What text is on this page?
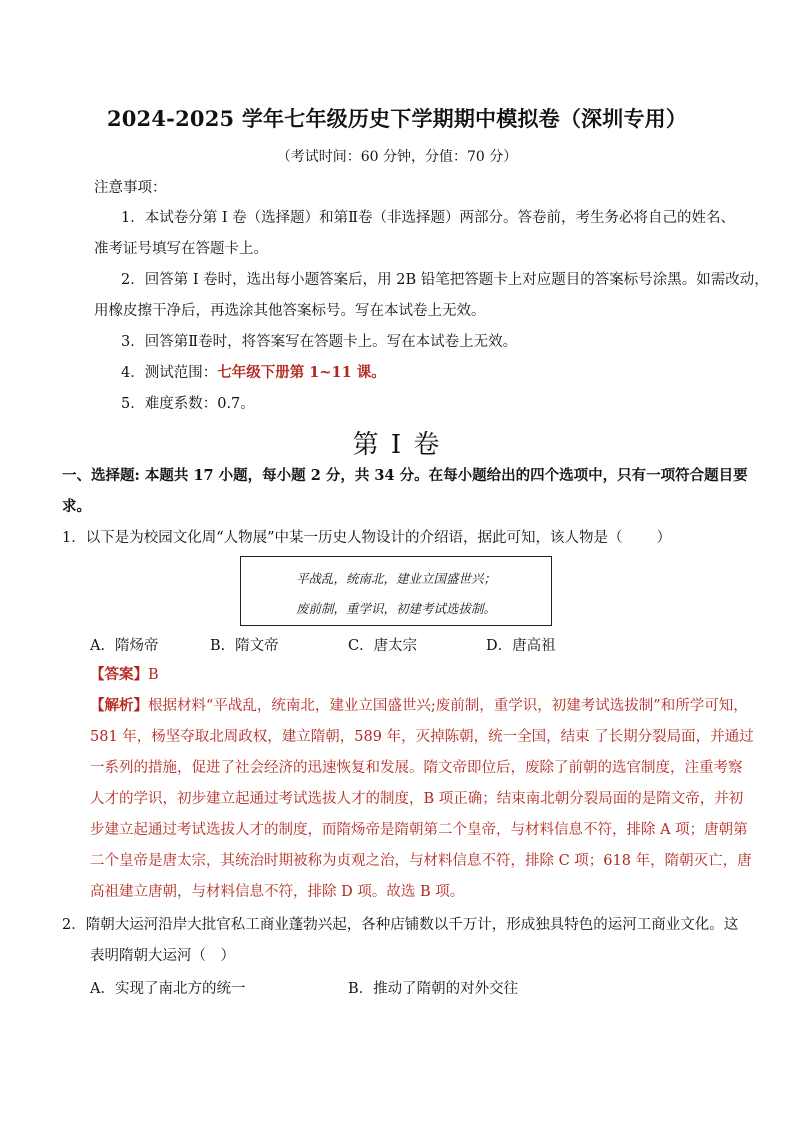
2024-2025 学年七年级历史下学期期中模拟卷（深圳专用）
（考试时间：60 分钟，分值：70 分）
注意事项：
1．本试卷分第 I 卷（选择题）和第Ⅱ卷（非选择题）两部分。答卷前，考生务必将自己的姓名、
准考证号填写在答题卡上。
2．回答第 I 卷时，选出每小题答案后，用 2B 铅笔把答题卡上对应题目的答案标号涂黑。如需改动，
用橡皮擦干净后，再选涂其他答案标号。写在本试卷上无效。
3．回答第Ⅱ卷时，将答案写在答题卡上。写在本试卷上无效。
4．测试范围：七年级下册第 1~11 课。
5．难度系数：0.7。
第 I 卷
一、选择题: 本题共 17 小题，每小题 2 分，共 34 分。在每小题给出的四个选项中，只有一项符合题目要
求。
1．以下是为校园文化周“人物展”中某一历史人物设计的介绍语，据此可知，该人物是（ ）
平战乱，统南北，建业立国盛世兴；
废前制，重学识，初建考试选拔制。
A．隋炀帝	B．隋文帝	C．唐太宗	D．唐高祖
【答案】B
【解析】根据材料“平战乱，统南北，建业立国盛世兴;废前制，重学识，初建考试选拔制”和所学可知，
581 年，杨坚夺取北周政权，建立隋朝，589 年，灭掉陈朝，统一全国，结束 了长期分裂局面，并通过
一系列的措施，促进了社会经济的迅速恢复和发展。隋文帝即位后，废除了前朝的选官制度，注重考察
人才的学识，初步建立起通过考试选拔人才的制度，B 项正确；结束南北朝分裂局面的是隋文帝，并初
步建立起通过考试选拔人才的制度，而隋炀帝是隋朝第二个皇帝，与材料信息不符，排除 A 项；唐朝第
二个皇帝是唐太宗，其统治时期被称为贞观之治，与材料信息不符，排除 C 项；618 年，隋朝灭亡，唐
高祖建立唐朝，与材料信息不符，排除 D 项。故选 B 项。
2．隋朝大运河沿岸大批官私工商业蓬勃兴起，各种店铺数以千万计，形成独具特色的运河工商业文化。这
表明隋朝大运河（　）
A．实现了南北方的统一	B．推动了隋朝的对外交往
